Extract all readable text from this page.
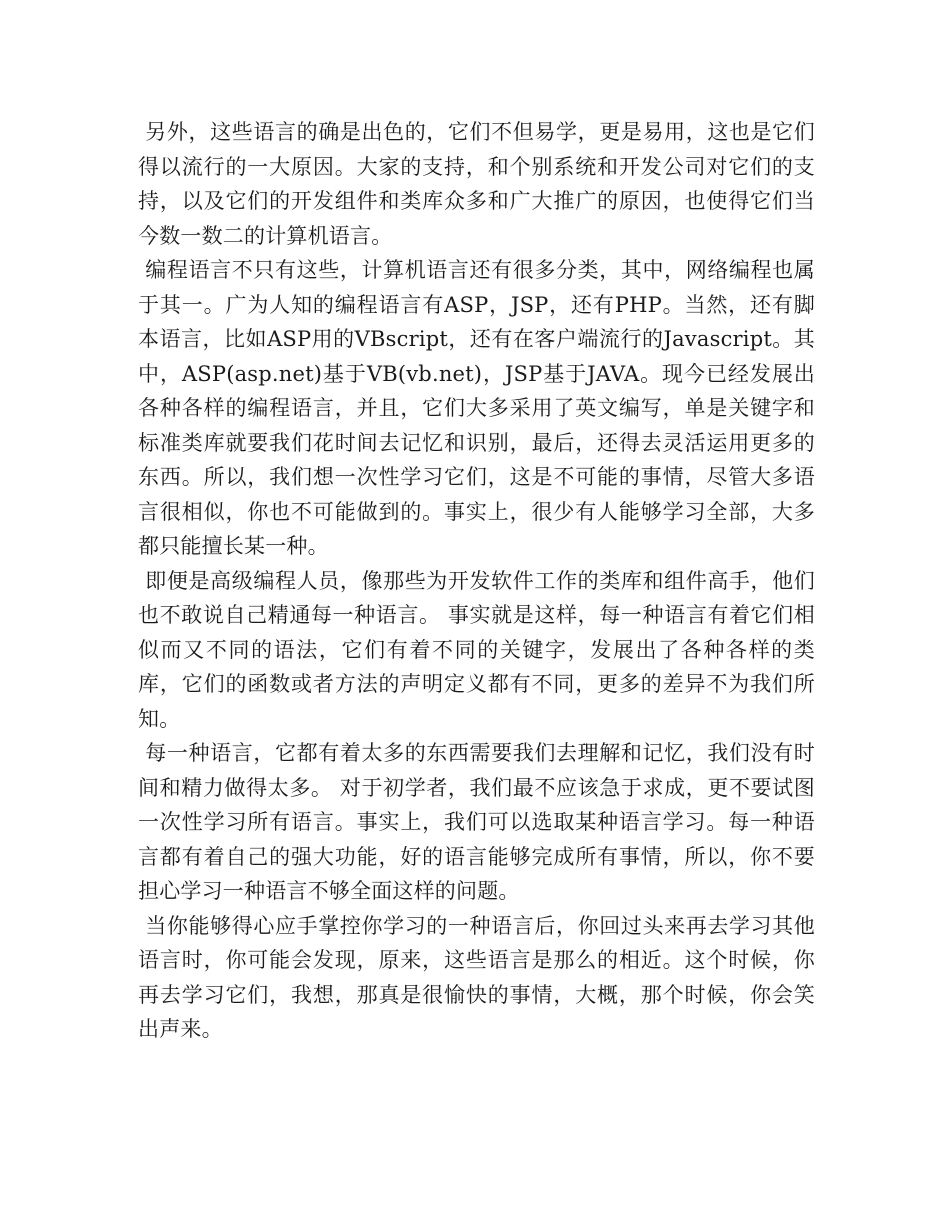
另外，这些语言的确是出色的，它们不但易学，更是易用，这也是它们得以流行的一大原因。大家的支持，和个别系统和开发公司对它们的支持，以及它们的开发组件和类库众多和广大推广的原因，也使得它们当今数一数二的计算机语言。

编程语言不只有这些，计算机语言还有很多分类，其中，网络编程也属于其一。广为人知的编程语言有ASP，JSP，还有PHP。当然，还有脚本语言，比如ASP用的VBscript，还有在客户端流行的Javascript。其中，ASP(asp.net)基于VB(vb.net)，JSP基于JAVA。现今已经发展出各种各样的编程语言，并且，它们大多采用了英文编写，单是关键字和标准类库就要我们花时间去记忆和识别，最后，还得去灵活运用更多的东西。所以，我们想一次性学习它们，这是不可能的事情，尽管大多语言很相似，你也不可能做到的。事实上，很少有人能够学习全部，大多都只能擅长某一种。

即便是高级编程人员，像那些为开发软件工作的类库和组件高手，他们也不敢说自己精通每一种语言。 事实就是这样，每一种语言有着它们相似而又不同的语法，它们有着不同的关键字，发展出了各种各样的类库，它们的函数或者方法的声明定义都有不同，更多的差异不为我们所知。

每一种语言，它都有着太多的东西需要我们去理解和记忆，我们没有时间和精力做得太多。 对于初学者，我们最不应该急于求成，更不要试图一次性学习所有语言。事实上，我们可以选取某种语言学习。每一种语言都有着自己的强大功能，好的语言能够完成所有事情，所以，你不要担心学习一种语言不够全面这样的问题。

当你能够得心应手掌控你学习的一种语言后，你回过头来再去学习其他语言时，你可能会发现，原来，这些语言是那么的相近。这个时候，你再去学习它们，我想，那真是很愉快的事情，大概，那个时候，你会笑出声来。
